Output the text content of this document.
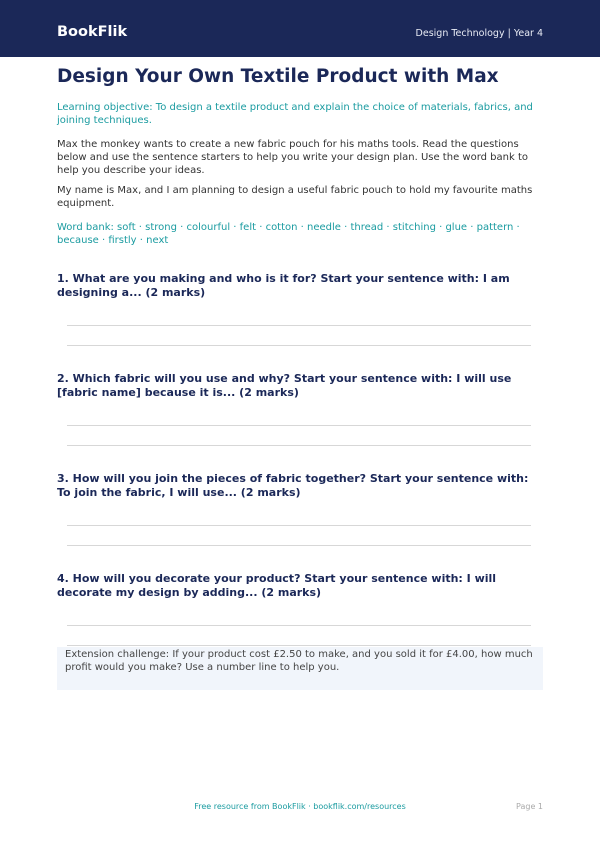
BookFlik	Design Technology | Year 4
Design Your Own Textile Product with Max
Learning objective: To design a textile product and explain the choice of materials, fabrics, and joining techniques.
Max the monkey wants to create a new fabric pouch for his maths tools. Read the questions below and use the sentence starters to help you write your design plan. Use the word bank to help you describe your ideas.
My name is Max, and I am planning to design a useful fabric pouch to hold my favourite maths equipment.
Word bank: soft · strong · colourful · felt · cotton · needle · thread · stitching · glue · pattern · because · firstly · next
1. What are you making and who is it for? Start your sentence with: I am designing a... (2 marks)
2. Which fabric will you use and why? Start your sentence with: I will use [fabric name] because it is... (2 marks)
3. How will you join the pieces of fabric together? Start your sentence with: To join the fabric, I will use... (2 marks)
4. How will you decorate your product? Start your sentence with: I will decorate my design by adding... (2 marks)
Extension challenge: If your product cost £2.50 to make, and you sold it for £4.00, how much profit would you make? Use a number line to help you.
Free resource from BookFlik · bookflik.com/resources	Page 1
